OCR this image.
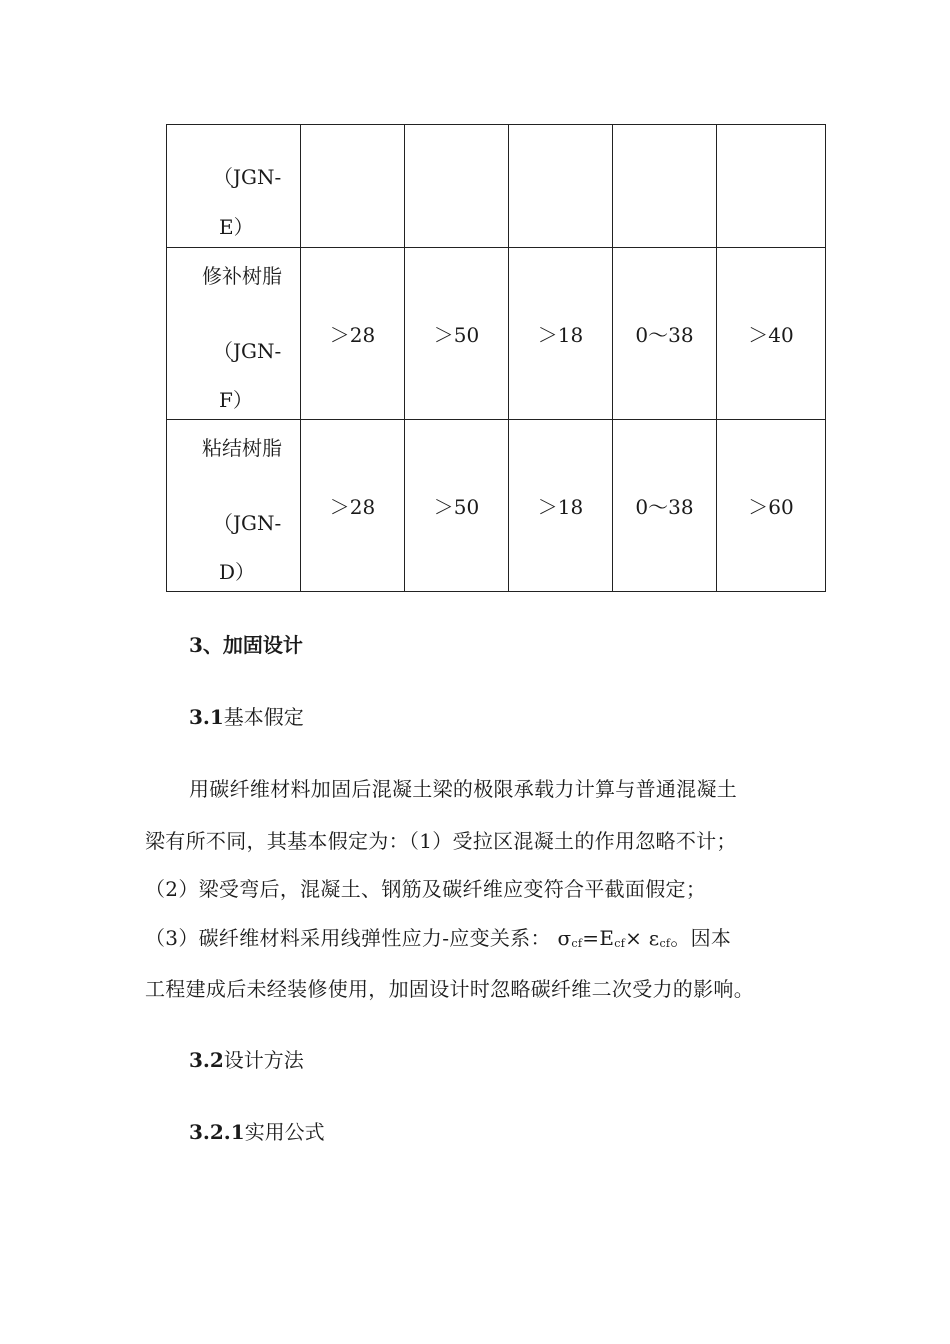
（JGN-
E）					

修补树脂
（JGN-
F）	＞28	＞50	＞18	0～38	＞40

粘结树脂
（JGN-
D）	＞28	＞50	＞18	0～38	＞60
3、加固设计
3.1基本假定
用碳纤维材料加固后混凝土梁的极限承载力计算与普通混凝土
梁有所不同，其基本假定为：（1）受拉区混凝土的作用忽略不计；
（2）梁受弯后，混凝土、钢筋及碳纤维应变符合平截面假定；
（3）碳纤维材料采用线弹性应力-应变关系： $\sigma_{cf}=E_{cf}\times \varepsilon_{cf}$。因本
工程建成后未经装修使用，加固设计时忽略碳纤维二次受力的影响。
3.2设计方法
3.2.1实用公式
